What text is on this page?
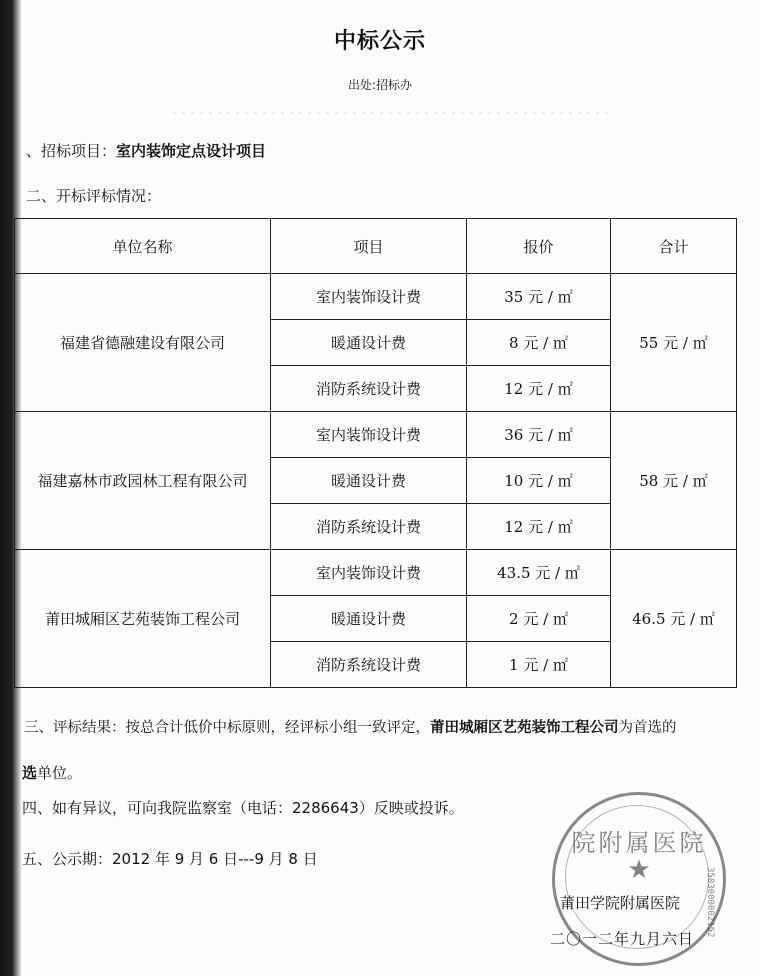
中标公示
出处:招标办
、招标项目：室内装饰定点设计项目
二、开标评标情况：
单位名称	项目	报价	合计
福建省德融建设有限公司	室内装饰设计费	35 元 / ㎡	55 元 / ㎡
	暖通设计费	8 元 / ㎡	
	消防系统设计费	12 元 / ㎡	
福建嘉林市政园林工程有限公司	室内装饰设计费	36 元 / ㎡	58 元 / ㎡
	暖通设计费	10 元 / ㎡	
	消防系统设计费	12 元 / ㎡	
莆田城厢区艺苑装饰工程公司	室内装饰设计费	43.5 元 / ㎡	46.5 元 / ㎡
	暖通设计费	2 元 / ㎡	
	消防系统设计费	1 元 / ㎡	
三、评标结果：按总合计低价中标原则，经评标小组一致评定，莆田城厢区艺苑装饰工程公司为首选的
选单位。
四、如有异议，可向我院监察室（电话：2286643）反映或投诉。
五、公示期：2012 年 9 月 6 日---9 月 8 日
院附属医院
★	3503000002152
莆田学院附属医院
二〇一二年九月六日
